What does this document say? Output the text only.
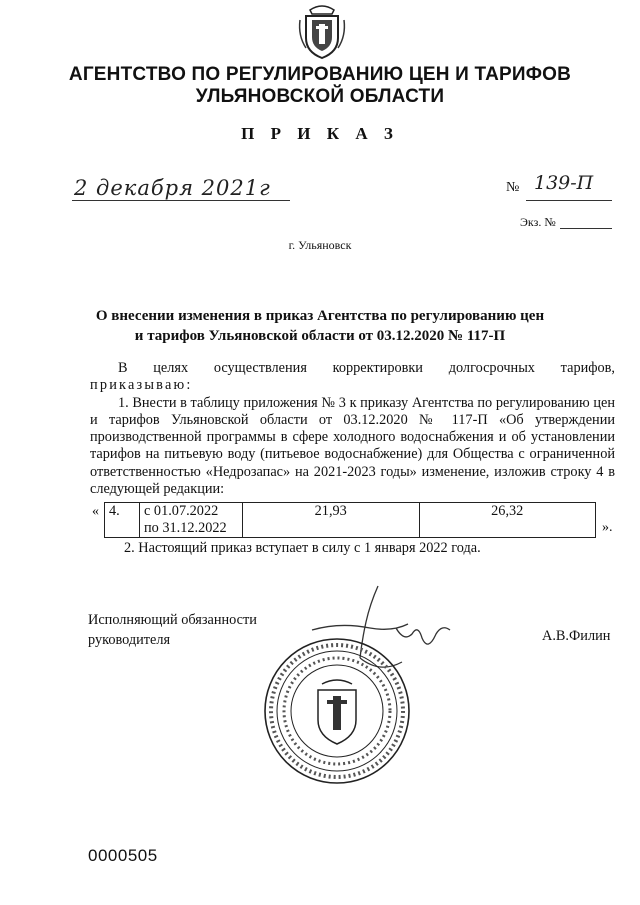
АГЕНТСТВО ПО РЕГУЛИРОВАНИЮ ЦЕН И ТАРИФОВ
УЛЬЯНОВСКОЙ ОБЛАСТИ
П Р И К А З
2 декабря 2021г	№ 139-П
Экз. №
г. Ульяновск
О внесении изменения в приказ Агентства по регулированию цен
и тарифов Ульяновской области от 03.12.2020 № 117-П

В целях осуществления корректировки долгосрочных тарифов,

приказываю:

1. Внести в таблицу приложения № 3 к приказу Агентства по регулированию цен и тарифов Ульяновской области от 03.12.2020 № 117-П «Об утверждении производственной программы в сфере холодного водоснабжения и об установлении тарифов на питьевую воду (питьевое водоснабжение) для Общества с ограниченной ответственностью «Недрозапас» на 2021-2023 годы» изменение, изложив строку 4 в следующей редакции:

« 4.	с 01.07.2022
по 31.12.2022
	21,93	26,32
».
2. Настоящий приказ вступает в силу с 1 января 2022 года.
Исполняющий обязанности
руководителя	А.В.Филин
0000505
